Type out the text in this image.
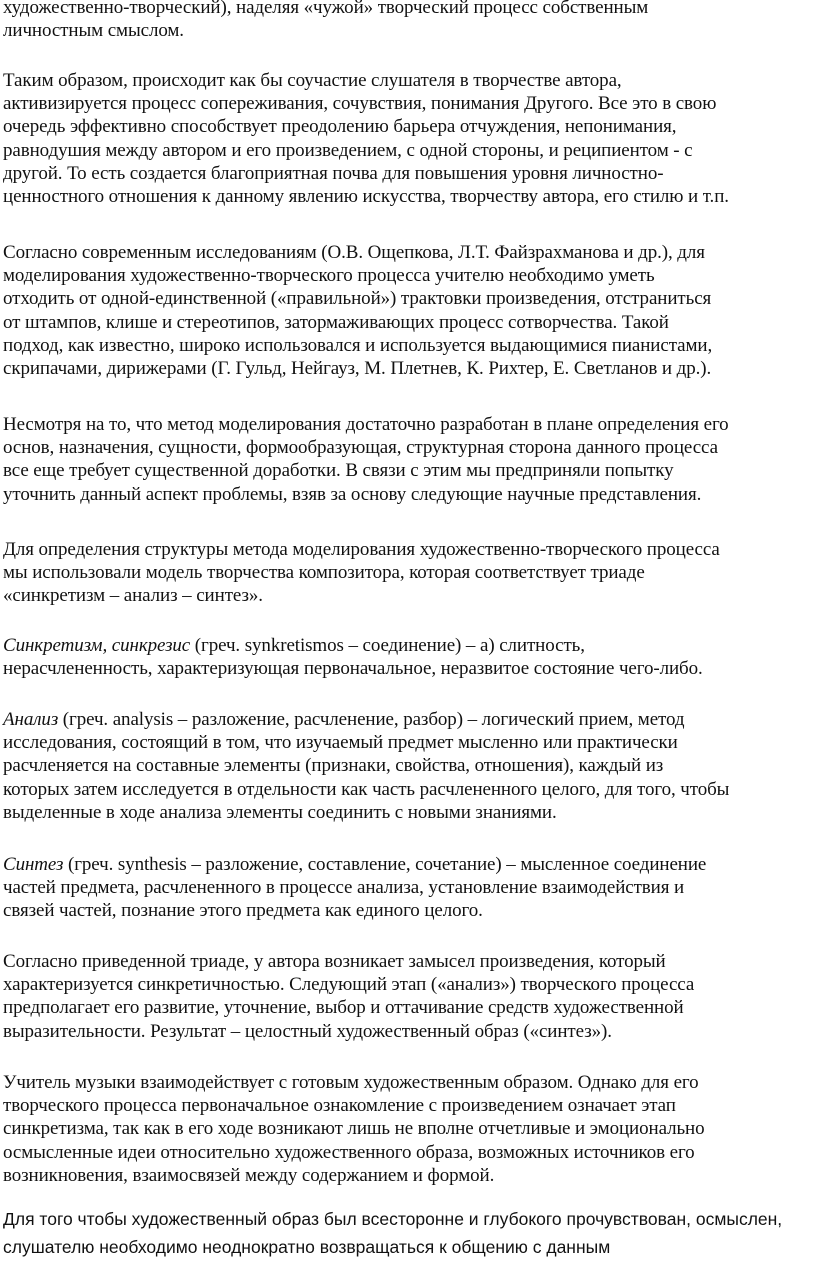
художественно-творческий), наделяя «чужой» творческий процесс собственным

личностным смыслом.

Таким образом, происходит как бы соучастие слушателя в творчестве автора,

активизируется процесс сопереживания, сочувствия, понимания Другого. Все это в свою

очередь эффективно способствует преодолению барьера отчуждения, непонимания,

равнодушия между автором и его произведением, с одной стороны, и реципиентом - с

другой. То есть создается благоприятная почва для повышения уровня личностно-

ценностного отношения к данному явлению искусства, творчеству автора, его стилю и т.п.

Согласно современным исследованиям (О.В. Ощепкова, Л.Т. Файзрахманова и др.), для

моделирования художественно-творческого процесса учителю необходимо уметь

отходить от одной-единственной («правильной») трактовки произведения, отстраниться

от штампов, клише и стереотипов, затормаживающих процесс сотворчества. Такой

подход, как известно, широко использовался и используется выдающимися пианистами,

скрипачами, дирижерами (Г. Гульд, Нейгауз, М. Плетнев, К. Рихтер, Е. Светланов и др.).

Несмотря на то, что метод моделирования достаточно разработан в плане определения его

основ, назначения, сущности, формообразующая, структурная сторона данного процесса

все еще требует существенной доработки. В связи с этим мы предприняли попытку

уточнить данный аспект проблемы, взяв за основу следующие научные представления.

Для определения структуры метода моделирования художественно-творческого процесса

мы использовали модель творчества композитора, которая соответствует триаде

«синкретизм – анализ – синтез».

Синкретизм, синкрезис (греч. synkretismos – соединение) – а) слитность,

нерасчлененность, характеризующая первоначальное, неразвитое состояние чего-либо.

Анализ (греч. analysis – разложение, расчленение, разбор) – логический прием, метод

исследования, состоящий в том, что изучаемый предмет мысленно или практически

расчленяется на составные элементы (признаки, свойства, отношения), каждый из

которых затем исследуется в отдельности как часть расчлененного целого, для того, чтобы

выделенные в ходе анализа элементы соединить с новыми знаниями.

Синтез (греч. synthesis – разложение, составление, сочетание) – мысленное соединение

частей предмета, расчлененного в процессе анализа, установление взаимодействия и

связей частей, познание этого предмета как единого целого.

Согласно приведенной триаде, у автора возникает замысел произведения, который

характеризуется синкретичностью. Следующий этап («анализ») творческого процесса

предполагает его развитие, уточнение, выбор и оттачивание средств художественной

выразительности. Результат – целостный художественный образ («синтез»).

Учитель музыки взаимодействует с готовым художественным образом. Однако для его

творческого процесса первоначальное ознакомление с произведением означает этап

синкретизма, так как в его ходе возникают лишь не вполне отчетливые и эмоционально

осмысленные идеи относительно художественного образа, возможных источников его

возникновения, взаимосвязей между содержанием и формой.

Для того чтобы художественный образ был всесторонне и глубокого прочувствован, осмыслен,

слушателю необходимо неоднократно возвращаться к общению с данным
